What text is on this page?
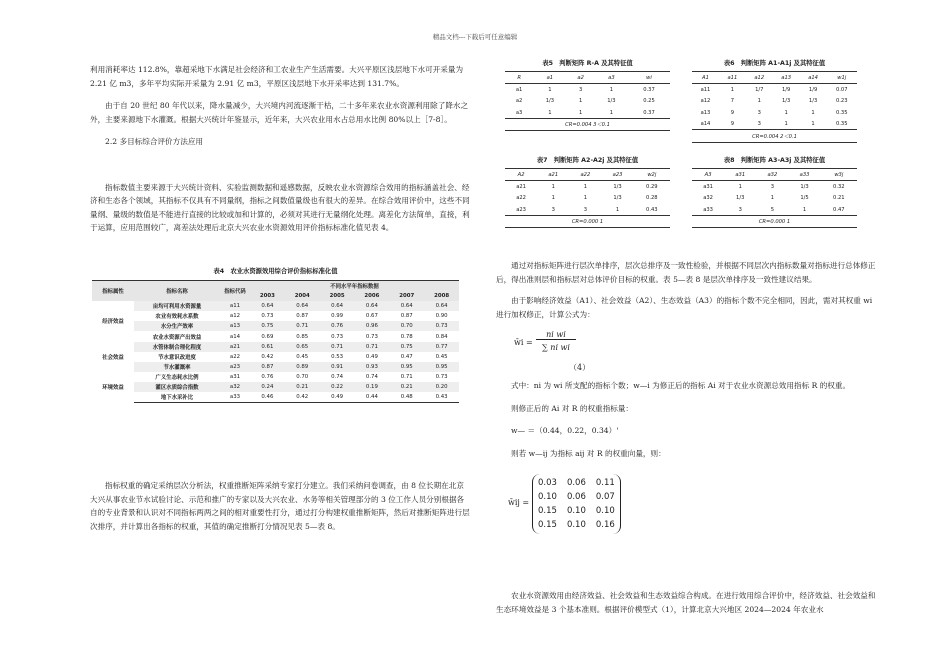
精品文档---下载后可任意编辑

利用消耗率达 112.8%，靠超采地下水满足社会经济和工农业生产生活需要。大兴平原区浅层地下水可开采量为 2.21 亿 m3，多年平均实际开采量为 2.91 亿 m3，平原区浅层地下水开采率达到 131.7%。

由于自 20 世纪 80 年代以来，降水量减少，大兴境内河流逐渐干枯，二十多年来农业水资源利用除了降水之外，主要来源地下水灌溉。根据大兴统计年鉴显示，近年来，大兴农业用水占总用水比例 80%以上［7-8］。

2.2 多目标综合评价方法应用

指标数值主要来源于大兴统计资料、实验监测数据和遥感数据，反映农业水资源综合效用的指标涵盖社会、经济和生态各个领域，其指标不仅具有不同量纲，指标之间数值量级也有很大的差异。在综合效用评价中，这些不同量纲、量级的数值是不能进行直接的比较或加和计算的，必须对其进行无量纲化处理。离差化方法简单，直接，利于运算，应用范围较广，离差法处理后北京大兴农业水资源效用评价指标标准化值见表 4。

表4　农业水资源效用综合评价指标标准化值

指标属性	指标名称	指标代码	不同水平年指标数据					
			2003	2004	2005	2006	2007	2008
经济效益	亩均可利用水资源量	a11	0.64	0.64	0.64	0.64	0.64	0.64
	农业有效耗水系数	a12	0.73	0.87	0.99	0.67	0.87	0.90
	水分生产效率	a13	0.75	0.71	0.76	0.96	0.70	0.73
	农业水资源产出效益	a14	0.69	0.85	0.73	0.73	0.78	0.84
社会效益	水管体制合理化程度	a21	0.61	0.65	0.71	0.71	0.75	0.77
	节水意识改进度	a22	0.42	0.45	0.53	0.49	0.47	0.45
	节水灌溉率	a23	0.87	0.89	0.91	0.93	0.95	0.95
环境效益	广义生态耗水比例	a31	0.76	0.70	0.74	0.74	0.71	0.73
	灌区水质综合指数	a32	0.24	0.21	0.22	0.19	0.21	0.20
	地下水采补比	a33	0.46	0.42	0.49	0.44	0.48	0.43

指标权重的确定采纳层次分析法，权重推断矩阵采纳专家打分建立。我们采纳问卷调查，由 8 位长期在北京大兴从事农业节水试验讨论、示范和推广的专家以及大兴农业、水务等相关管理部分的 3 位工作人员分别根据各自的专业背景和认识对不同指标两两之间的相对重要性打分，通过打分构建权重推断矩阵，然后对推断矩阵进行层次排序，并计算出各指标的权重，其值的确定推断打分情况见表 5—表 8。

表5　判断矩阵 R-A 及其特征值

R	a1	a2	a3	wi
a1	1	3	1	0.37
a2	1/3	1	1/3	0.25
a3	1	1	1	0.37
CR=0.004 3＜0.1				

表6　判断矩阵 A1-A1j 及其特征值

A1	a11	a12	a13	a14	w1j
a11	1	1/7	1/9	1/9	0.07
a12	7	1	1/3	1/3	0.23
a13	9	3	1	1	0.35
a14	9	3	1	1	0.35
CR=0.004 2＜0.1					

表7　判断矩阵 A2-A2j 及其特征值

A2	a21	a22	a23	w2j
a21	1	1	1/3	0.29
a22	1	1	1/3	0.28
a23	3	3	1	0.43
CR=0.000 1				

表8　判断矩阵 A3-A3j 及其特征值

A3	a31	a32	a33	w3j
a31	1	3	1/3	0.32
a32	1/3	1	1/5	0.21
a33	3	5	1	0.47
CR=0.000 1				

通过对指标矩阵进行层次单排序，层次总排序及一致性检验，并根据不同层次内指标数量对指标进行总体修正后，得出准则层和指标层对总体评价目标的权重。表 5—表 8 是层次单排序及一致性建议结果。

由于影响经济效益（A1）、社会效益（A2）、生态效益（A3）的指标个数不完全相同，因此，需对其权重 wi 进行加权修正，计算公式为：

w̄i =
ni wi
∑ ni wi
（4）

式中：ni 为 wi 所支配的指标个数；w—i 为修正后的指标 Ai 对于农业水资源总效用指标 R 的权重。

则修正后的 Ai 对 R 的权重指标量：

w— ＝（0.44，0.22，0.34）'

则若 w—ij 为指标 aij 对 R 的权重向量，则：

w̄ij =
0.03	0.06	0.11
0.10	0.06	0.07
0.15	0.10	0.10
0.15	0.10	0.16

农业水资源效用由经济效益、社会效益和生态效益综合构成。在进行效用综合评价中，经济效益、社会效益和生态环境效益是 3 个基本准则。根据评价模型式（1），计算北京大兴地区 2024—2024 年农业水
